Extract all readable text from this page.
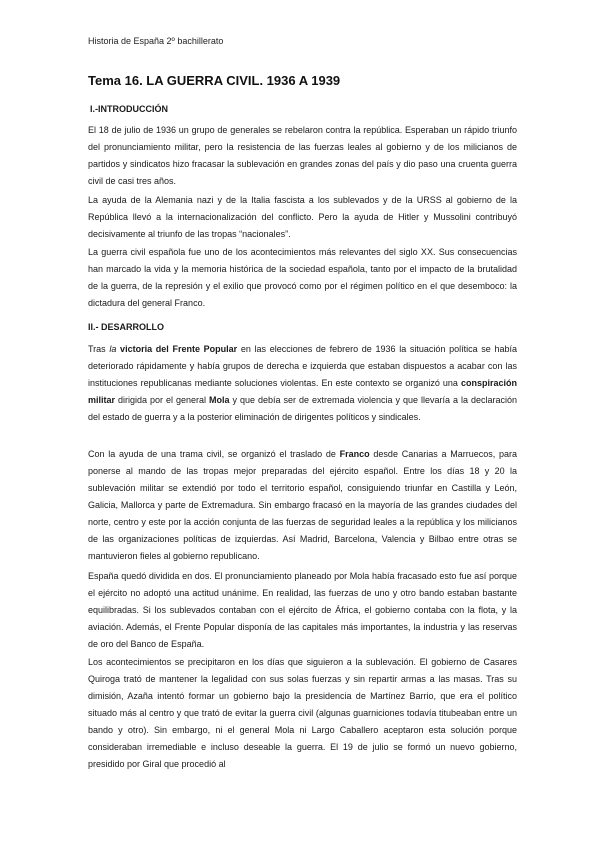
Historia de España 2º bachillerato
Tema 16. LA GUERRA CIVIL. 1936 A 1939
I.-INTRODUCCIÓN

El 18 de julio de 1936 un grupo de generales se rebelaron contra la república. Esperaban un rápido triunfo del pronunciamiento militar, pero la resistencia de las fuerzas leales al gobierno y de los milicianos de partidos y sindicatos hizo fracasar la sublevación en grandes zonas del país y dio paso una cruenta guerra civil de casi tres años.

La ayuda de la Alemania nazi y de la Italia fascista a los sublevados y de la URSS al gobierno de la República llevó a la internacionalización del conflicto. Pero la ayuda de Hitler y Mussolini contribuyó decisivamente al triunfo de las tropas “nacionales”.

La guerra civil española fue uno de los acontecimientos más relevantes del siglo XX. Sus consecuencias han marcado la vida y la memoria histórica de la sociedad española, tanto por el impacto de la brutalidad de la guerra, de la represión y el exilio que provocó como por el régimen político en el que desemboco: la dictadura del general Franco.

II.- DESARROLLO

Tras la victoria del Frente Popular en las elecciones de febrero de 1936 la situación política se había deteriorado rápidamente y había grupos de derecha e izquierda que estaban dispuestos a acabar con las instituciones republicanas mediante soluciones violentas. En este contexto se organizó una conspiración militar dirigida por el general Mola y que debía ser de extremada violencia y que llevaría a la declaración del estado de guerra y a la posterior eliminación de dirigentes políticos y sindicales.

Con la ayuda de una trama civil, se organizó el traslado de Franco desde Canarias a Marruecos, para ponerse al mando de las tropas mejor preparadas del ejército español. Entre los días 18 y 20 la sublevación militar se extendió por todo el territorio español, consiguiendo triunfar en Castilla y León, Galicia, Mallorca y parte de Extremadura. Sin embargo fracasó en la mayoría de las grandes ciudades del norte, centro y este por la acción conjunta de las fuerzas de seguridad leales a la república y los milicianos de las organizaciones políticas de izquierdas. Así Madrid, Barcelona, Valencia y Bilbao entre otras se mantuvieron fieles al gobierno republicano.

España quedó dividida en dos. El pronunciamiento planeado por Mola había fracasado esto fue así porque el ejército no adoptó una actitud unánime. En realidad, las fuerzas de uno y otro bando estaban bastante equilibradas. Si los sublevados contaban con el ejército de África, el gobierno contaba con la flota, y la aviación. Además, el Frente Popular disponía de las capitales más importantes, la industria y las reservas de oro del Banco de España.

Los acontecimientos se precipitaron en los días que siguieron a la sublevación. El gobierno de Casares Quiroga trató de mantener la legalidad con sus solas fuerzas y sin repartir armas a las masas. Tras su dimisión, Azaña intentó formar un gobierno bajo la presidencia de Martínez Barrio, que era el político situado más al centro y que trató de evitar la guerra civil (algunas guarniciones todavía titubeaban entre un bando y otro). Sin embargo, ni el general Mola ni Largo Caballero aceptaron esta solución porque consideraban irremediable e incluso deseable la guerra. El 19 de julio se formó un nuevo gobierno, presidido por Giral que procedió al
